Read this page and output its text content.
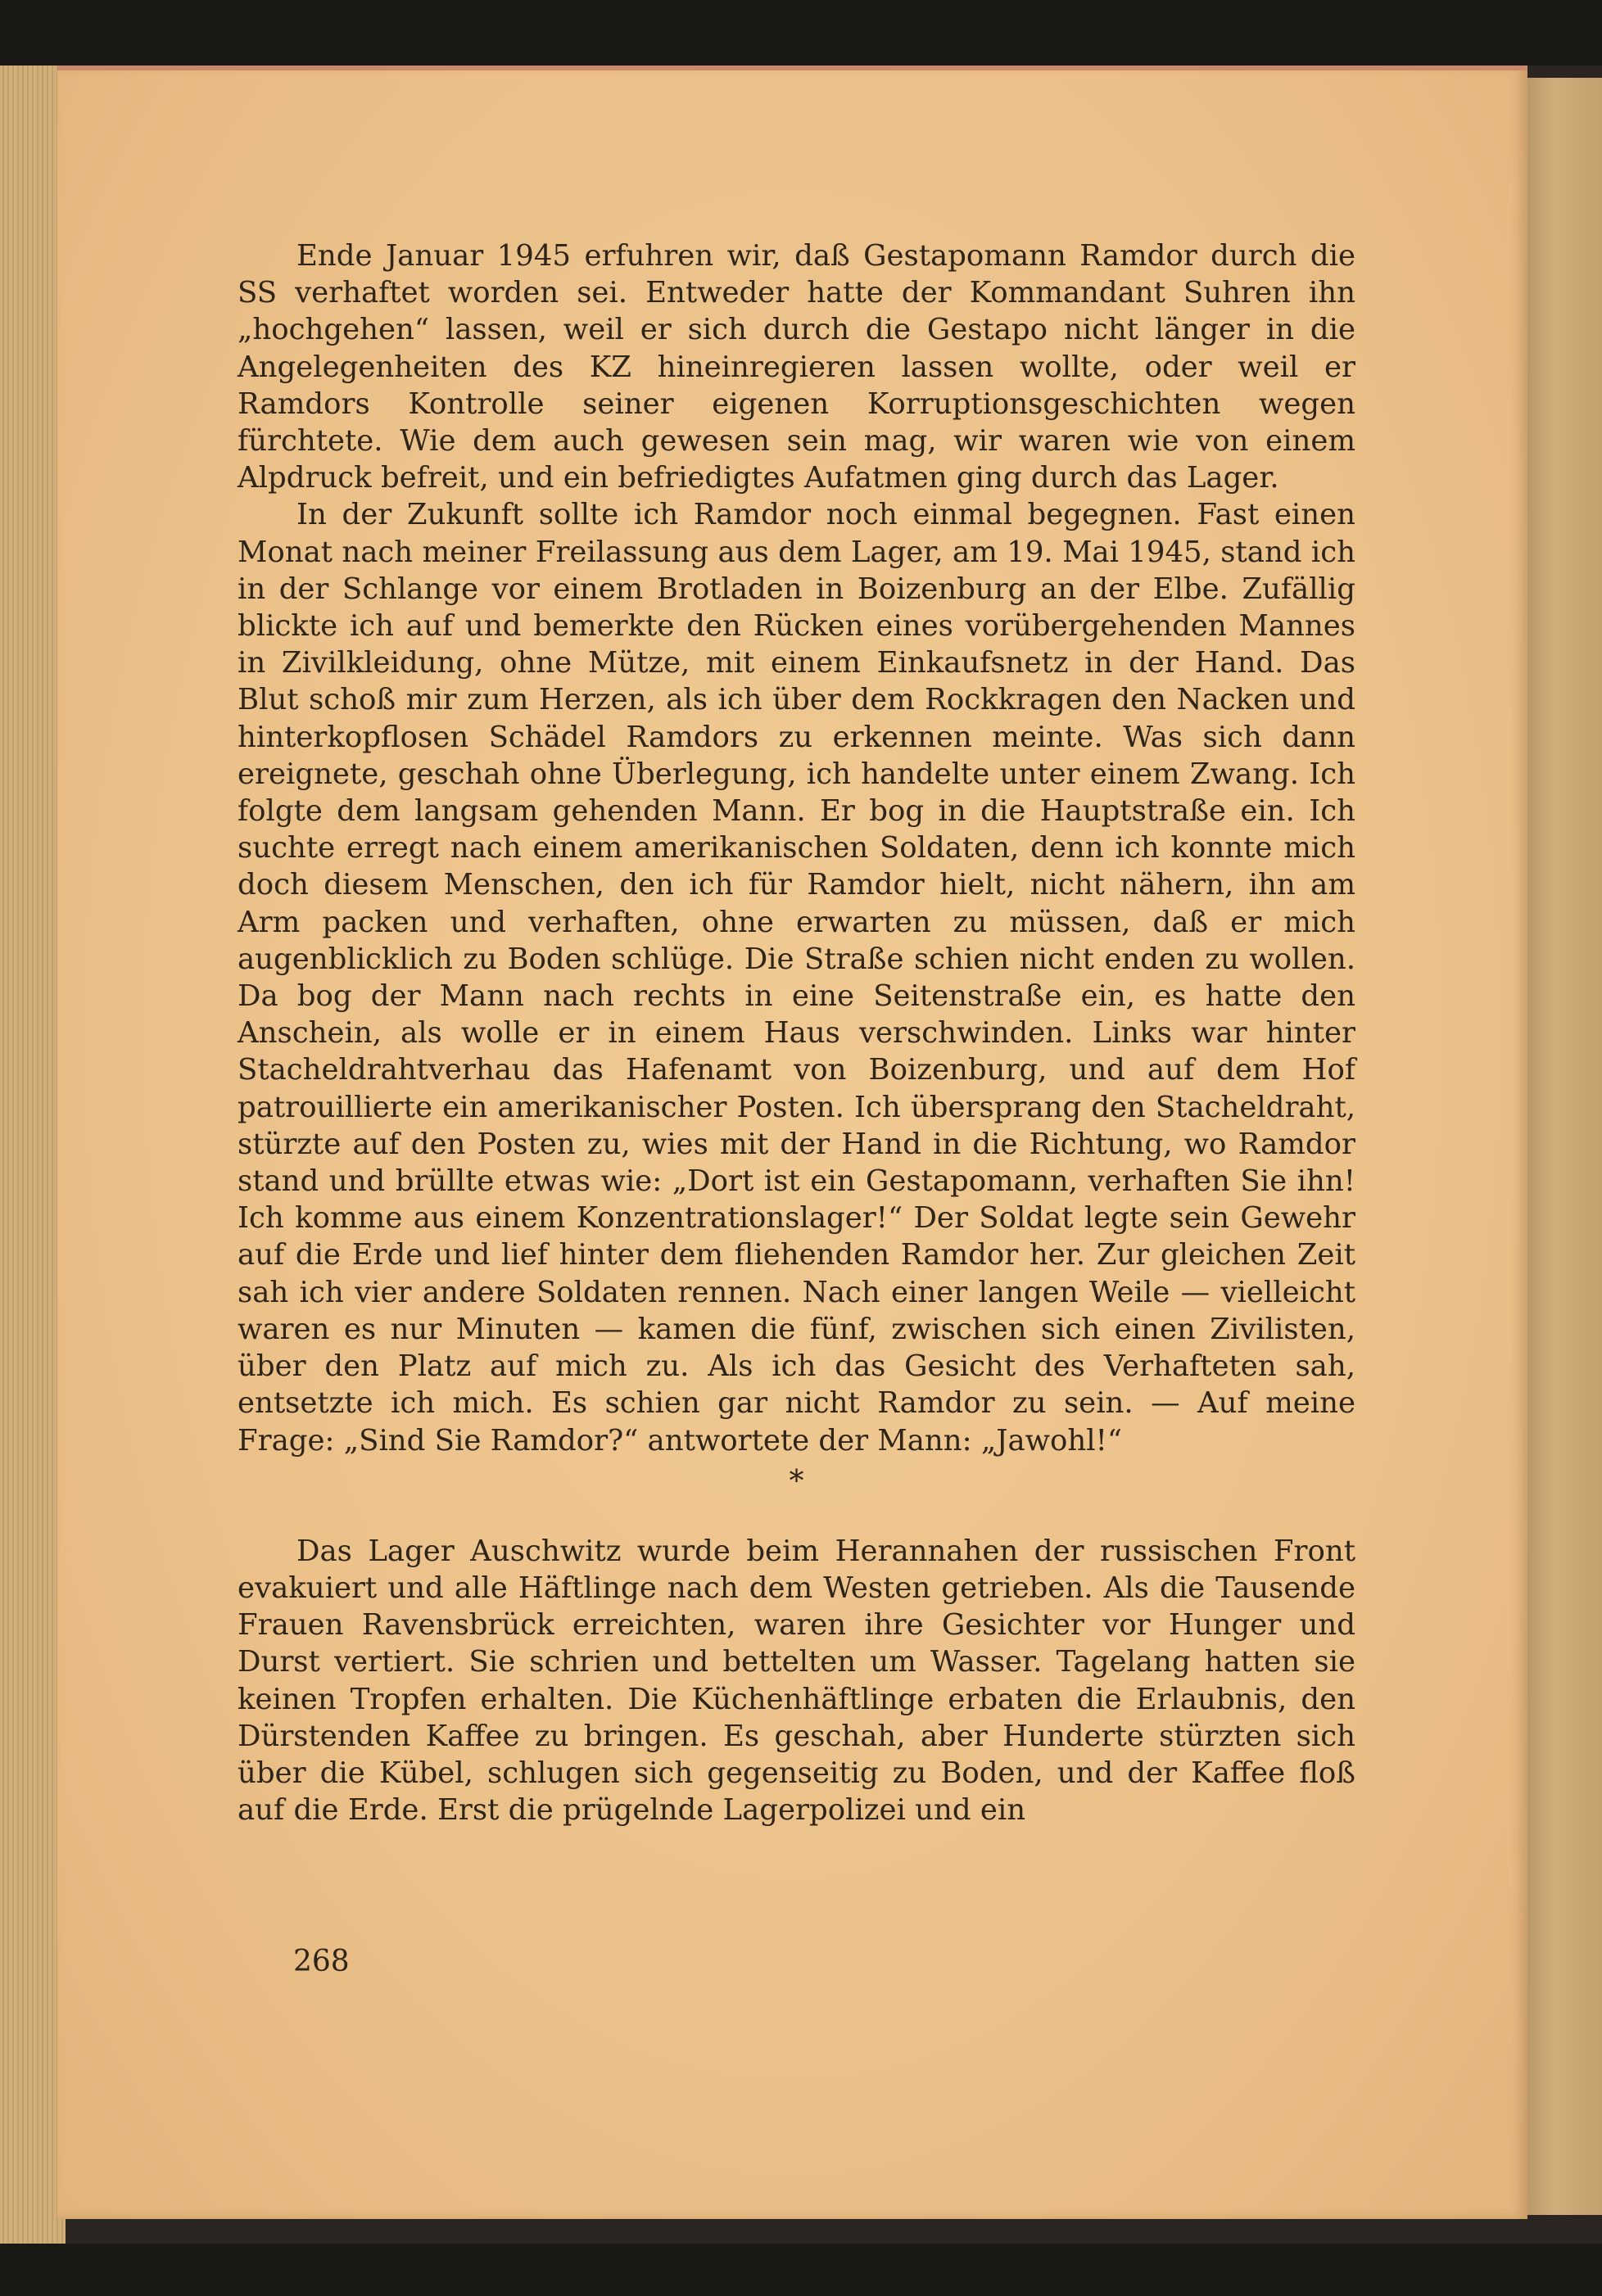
Ende Januar 1945 erfuhren wir, daß Gestapomann Ramdor durch die SS verhaftet worden sei. Entweder hatte der Kommandant Suhren ihn „hochgehen“ lassen, weil er sich durch die Gestapo nicht länger in die Angelegenheiten des KZ hineinregieren lassen wollte, oder weil er Ramdors Kontrolle seiner eigenen Korruptionsgeschichten wegen fürchtete. Wie dem auch gewesen sein mag, wir waren wie von einem Alpdruck befreit, und ein befriedigtes Aufatmen ging durch das Lager.

In der Zukunft sollte ich Ramdor noch einmal begegnen. Fast einen Monat nach meiner Freilassung aus dem Lager, am 19. Mai 1945, stand ich in der Schlange vor einem Brotladen in Boizenburg an der Elbe. Zufällig blickte ich auf und bemerkte den Rücken eines vorübergehenden Mannes in Zivilkleidung, ohne Mütze, mit einem Einkaufsnetz in der Hand. Das Blut schoß mir zum Herzen, als ich über dem Rockkragen den Nacken und hinterkopflosen Schädel Ramdors zu erkennen meinte. Was sich dann ereignete, geschah ohne Überlegung, ich handelte unter einem Zwang. Ich folgte dem langsam gehenden Mann. Er bog in die Hauptstraße ein. Ich suchte erregt nach einem amerikanischen Soldaten, denn ich konnte mich doch diesem Menschen, den ich für Ramdor hielt, nicht nähern, ihn am Arm packen und verhaften, ohne erwarten zu müssen, daß er mich augenblicklich zu Boden schlüge. Die Straße schien nicht enden zu wollen. Da bog der Mann nach rechts in eine Seitenstraße ein, es hatte den Anschein, als wolle er in einem Haus verschwinden. Links war hinter Stacheldrahtverhau das Hafenamt von Boizenburg, und auf dem Hof patrouillierte ein amerikanischer Posten. Ich übersprang den Stacheldraht, stürzte auf den Posten zu, wies mit der Hand in die Richtung, wo Ramdor stand und brüllte etwas wie: „Dort ist ein Gestapomann, verhaften Sie ihn! Ich komme aus einem Konzentrationslager!“ Der Soldat legte sein Gewehr auf die Erde und lief hinter dem fliehenden Ramdor her. Zur gleichen Zeit sah ich vier andere Soldaten rennen. Nach einer langen Weile — vielleicht waren es nur Minuten — kamen die fünf, zwischen sich einen Zivilisten, über den Platz auf mich zu. Als ich das Gesicht des Verhafteten sah, entsetzte ich mich. Es schien gar nicht Ramdor zu sein. — Auf meine Frage: „Sind Sie Ramdor?“ antwortete der Mann: „Jawohl!“

*

Das Lager Auschwitz wurde beim Herannahen der russischen Front evakuiert und alle Häftlinge nach dem Westen getrieben. Als die Tausende Frauen Ravensbrück erreichten, waren ihre Gesichter vor Hunger und Durst vertiert. Sie schrien und bettelten um Wasser. Tagelang hatten sie keinen Tropfen erhalten. Die Küchenhäftlinge erbaten die Erlaubnis, den Dürstenden Kaffee zu bringen. Es geschah, aber Hunderte stürzten sich über die Kübel, schlugen sich gegenseitig zu Boden, und der Kaffee floß auf die Erde. Erst die prügelnde Lagerpolizei und ein

268
